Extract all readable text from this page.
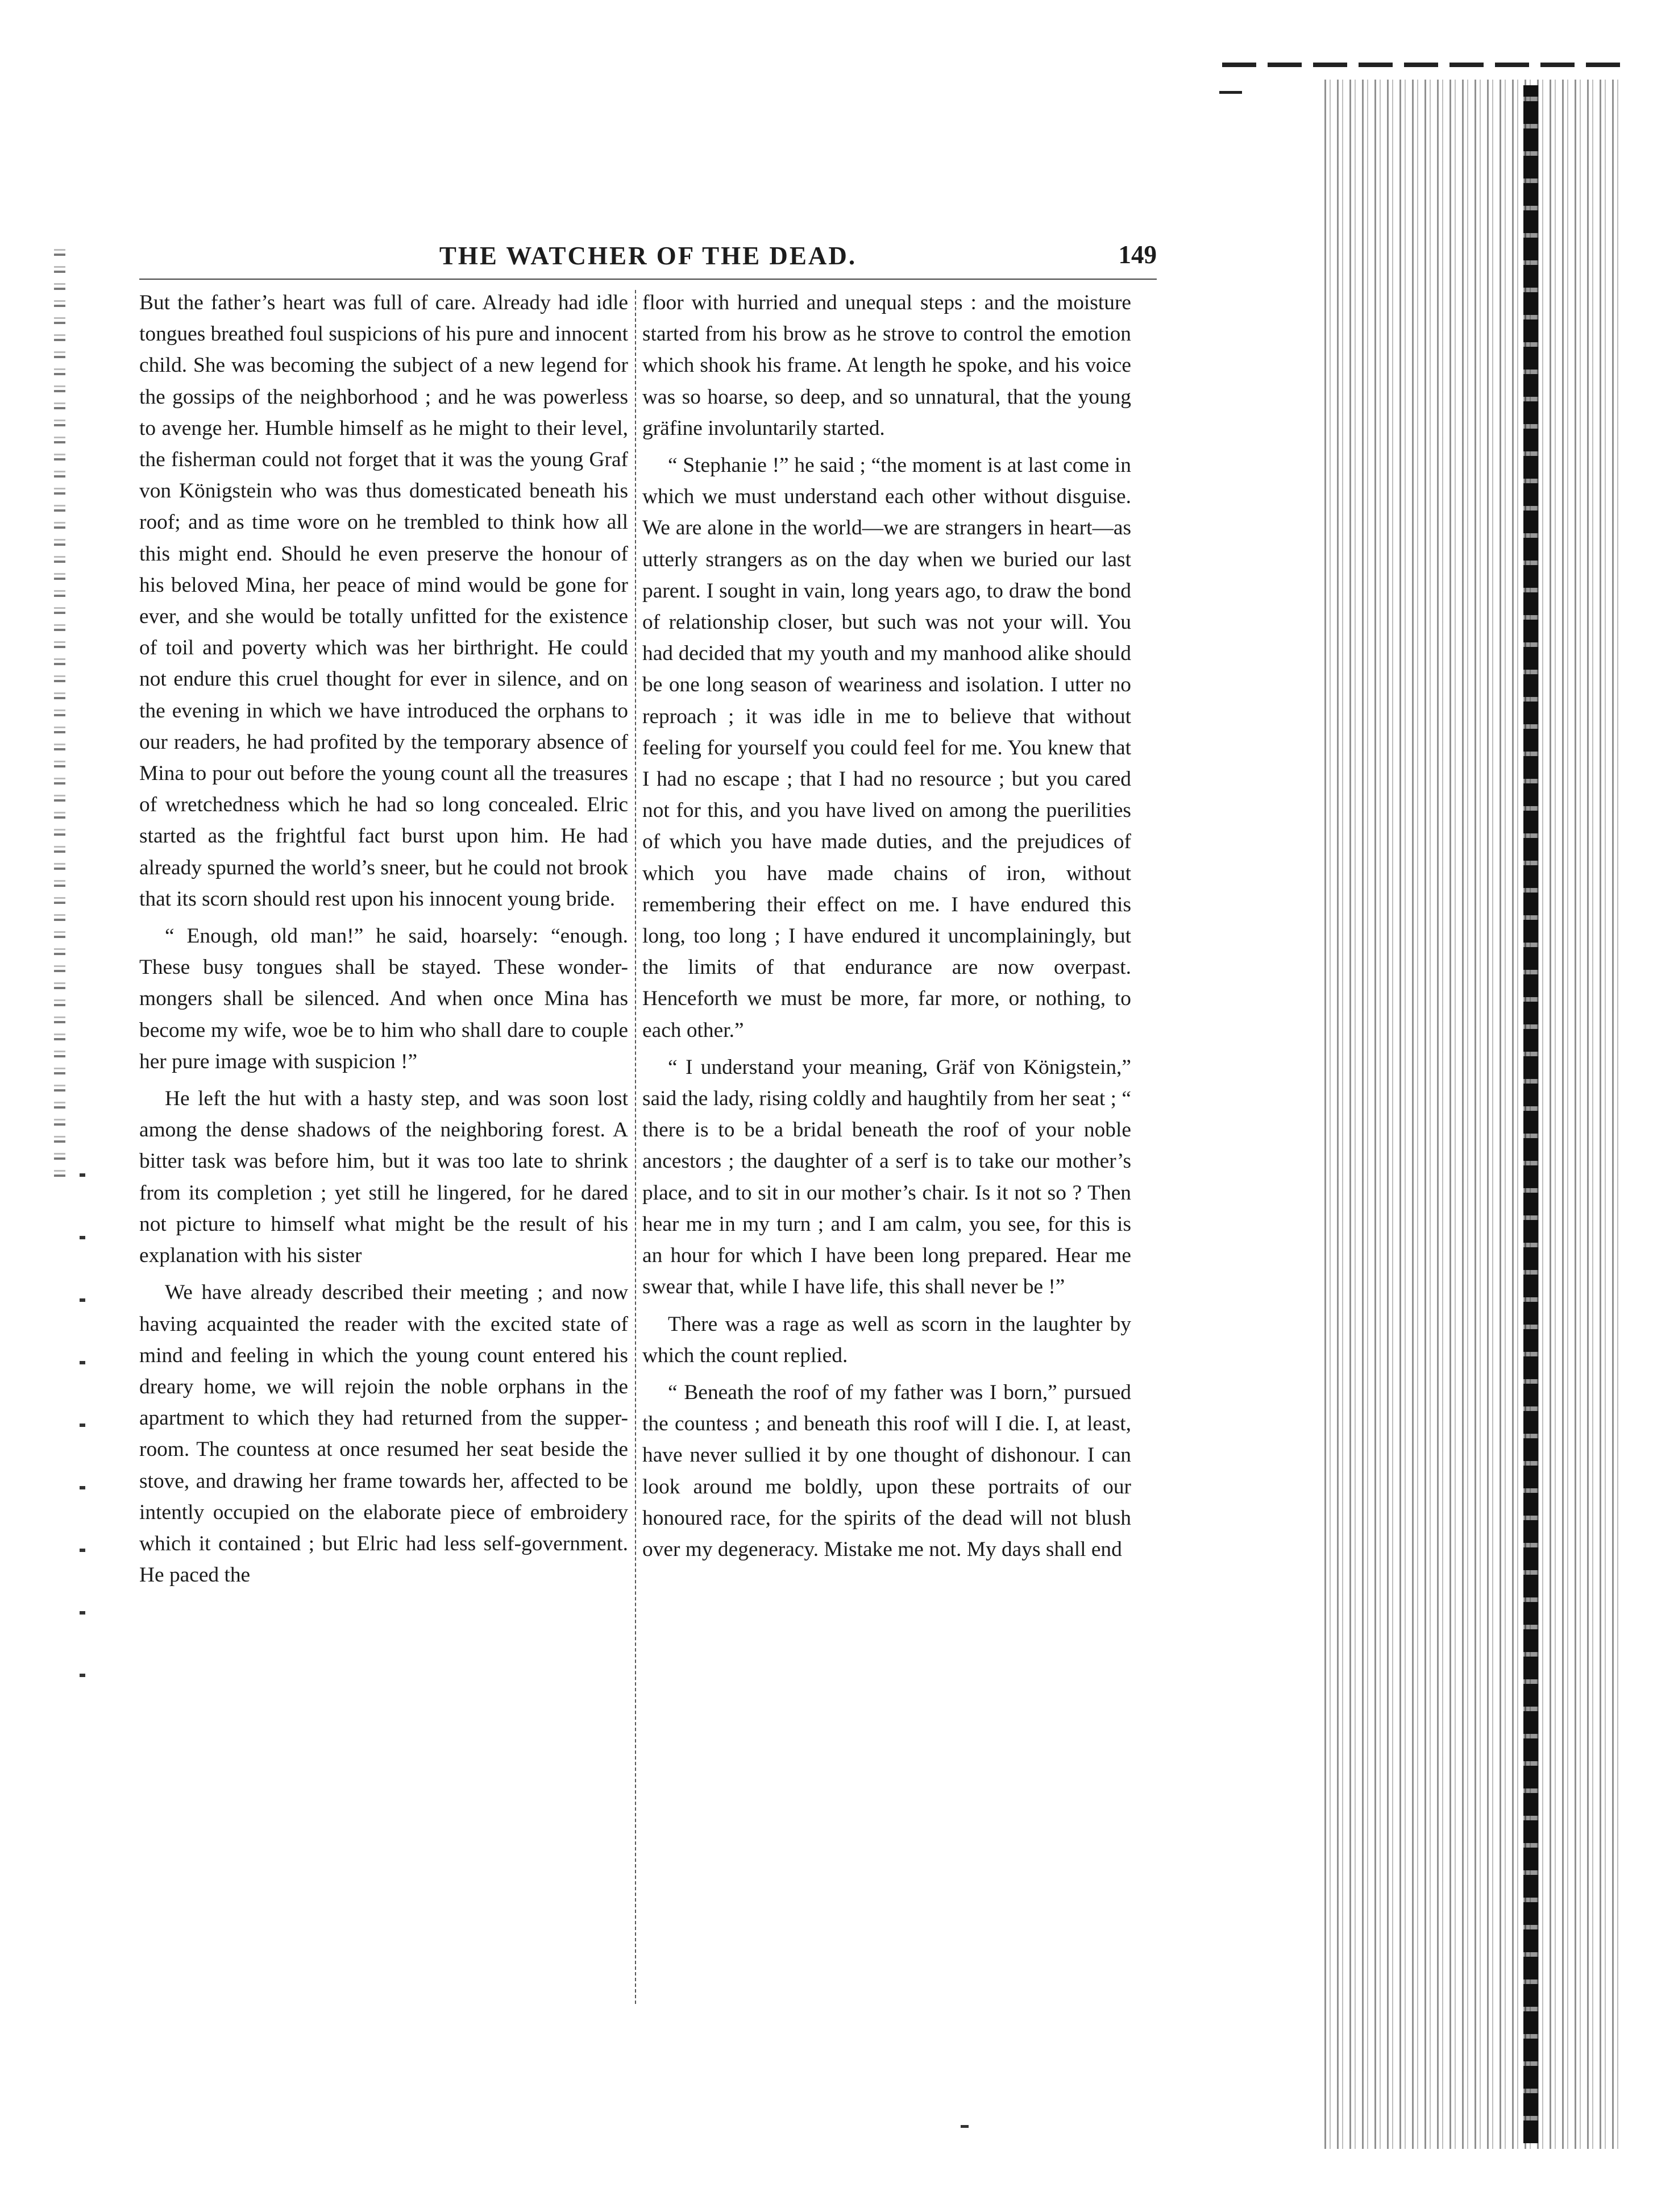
THE WATCHER OF THE DEAD.	149

But the father’s heart was full of care. Already had idle tongues breathed foul suspicions of his pure and innocent child. She was becoming the subject of a new legend for the gossips of the neighborhood ; and he was powerless to avenge her. Humble himself as he might to their level, the fisherman could not forget that it was the young Graf von Königstein who was thus domesticated beneath his roof; and as time wore on he trembled to think how all this might end. Should he even preserve the honour of his beloved Mina, her peace of mind would be gone for ever, and she would be totally unfitted for the existence of toil and poverty which was her birthright. He could not endure this cruel thought for ever in silence, and on the evening in which we have introduced the orphans to our readers, he had profited by the temporary absence of Mina to pour out before the young count all the treasures of wretchedness which he had so long concealed. Elric started as the frightful fact burst upon him. He had already spurned the world’s sneer, but he could not brook that its scorn should rest upon his innocent young bride.

“ Enough, old man!” he said, hoarsely: “enough. These busy tongues shall be stayed. These wonder-mongers shall be silenced. And when once Mina has become my wife, woe be to him who shall dare to couple her pure image with suspicion !”

He left the hut with a hasty step, and was soon lost among the dense shadows of the neighboring forest. A bitter task was before him, but it was too late to shrink from its completion ; yet still he lingered, for he dared not picture to himself what might be the result of his explanation with his sister

We have already described their meeting ; and now having acquainted the reader with the excited state of mind and feeling in which the young count entered his dreary home, we will rejoin the noble orphans in the apartment to which they had returned from the supper-room. The countess at once resumed her seat beside the stove, and drawing her frame towards her, affected to be intently occupied on the elaborate piece of embroidery which it contained ; but Elric had less self-government. He paced the

floor with hurried and unequal steps : and the moisture started from his brow as he strove to control the emotion which shook his frame. At length he spoke, and his voice was so hoarse, so deep, and so unnatural, that the young gräfine involuntarily started.

“ Stephanie !” he said ; “the moment is at last come in which we must understand each other without disguise. We are alone in the world—we are strangers in heart—as utterly strangers as on the day when we buried our last parent. I sought in vain, long years ago, to draw the bond of relationship closer, but such was not your will. You had decided that my youth and my manhood alike should be one long season of weariness and isolation. I utter no reproach ; it was idle in me to believe that without feeling for yourself you could feel for me. You knew that I had no escape ; that I had no resource ; but you cared not for this, and you have lived on among the puerilities of which you have made duties, and the prejudices of which you have made chains of iron, without remembering their effect on me. I have endured this long, too long ; I have endured it uncomplainingly, but the limits of that endurance are now overpast. Henceforth we must be more, far more, or nothing, to each other.”

“ I understand your meaning, Gräf von Königstein,” said the lady, rising coldly and haughtily from her seat ; “ there is to be a bridal beneath the roof of your noble ancestors ; the daughter of a serf is to take our mother’s place, and to sit in our mother’s chair. Is it not so ? Then hear me in my turn ; and I am calm, you see, for this is an hour for which I have been long prepared. Hear me swear that, while I have life, this shall never be !”

There was a rage as well as scorn in the laughter by which the count replied.

“ Beneath the roof of my father was I born,” pursued the countess ; and beneath this roof will I die. I, at least, have never sullied it by one thought of dishonour. I can look around me boldly, upon these portraits of our honoured race, for the spirits of the dead will not blush over my degeneracy. Mistake me not. My days shall end
